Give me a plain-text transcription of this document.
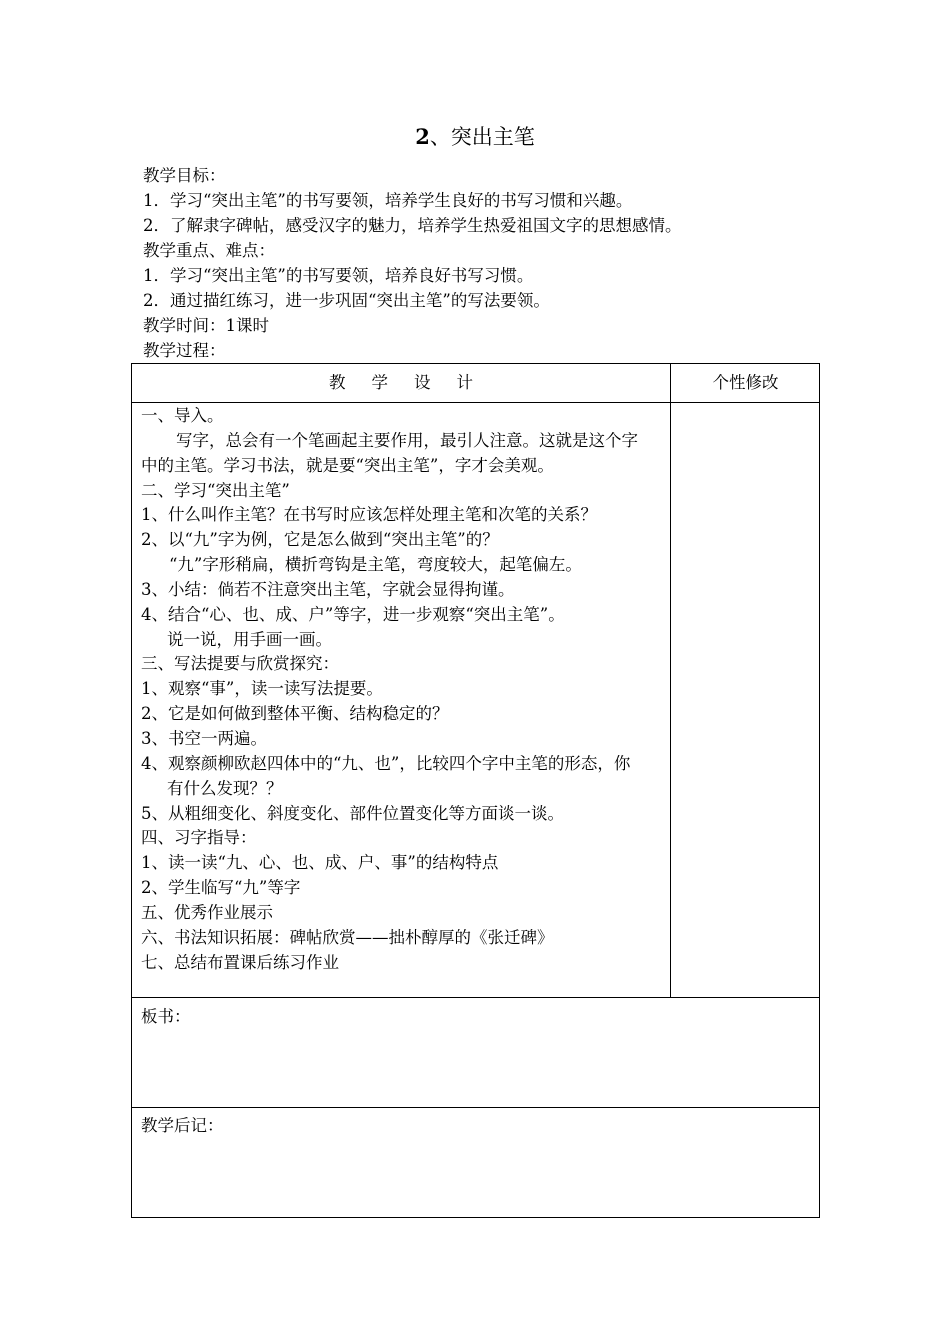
2、突出主笔
教学目标：
1．学习“突出主笔”的书写要领，培养学生良好的书写习惯和兴趣。
2．了解隶字碑帖，感受汉字的魅力，培养学生热爱祖国文字的思想感情。
教学重点、难点：
1．学习“突出主笔”的书写要领，培养良好书写习惯。
2．通过描红练习，进一步巩固“突出主笔”的写法要领。
教学时间：1课时
教学过程：
教学设计	个性修改
一、导入。
写字，总会有一个笔画起主要作用，最引人注意。这就是这个字
中的主笔。学习书法，就是要“突出主笔”，字才会美观。
二、学习“突出主笔”
1、什么叫作主笔？在书写时应该怎样处理主笔和次笔的关系？
2、以“九”字为例，它是怎么做到“突出主笔”的？
“九”字形稍扁，横折弯钩是主笔，弯度较大，起笔偏左。
3、小结：倘若不注意突出主笔，字就会显得拘谨。
4、结合“心、也、成、户”等字，进一步观察“突出主笔”。
说一说，用手画一画。
三、写法提要与欣赏探究：
1、观察“事”，读一读写法提要。
2、它是如何做到整体平衡、结构稳定的？
3、书空一两遍。
4、观察颜柳欧赵四体中的“九、也”，比较四个字中主笔的形态，你
有什么发现？？
5、从粗细变化、斜度变化、部件位置变化等方面谈一谈。
四、习字指导：
1、读一读“九、心、也、成、户、事”的结构特点
2、学生临写“九”等字
五、优秀作业展示
六、书法知识拓展：碑帖欣赏——拙朴醇厚的《张迁碑》
七、总结布置课后练习作业
板书：
教学后记：
